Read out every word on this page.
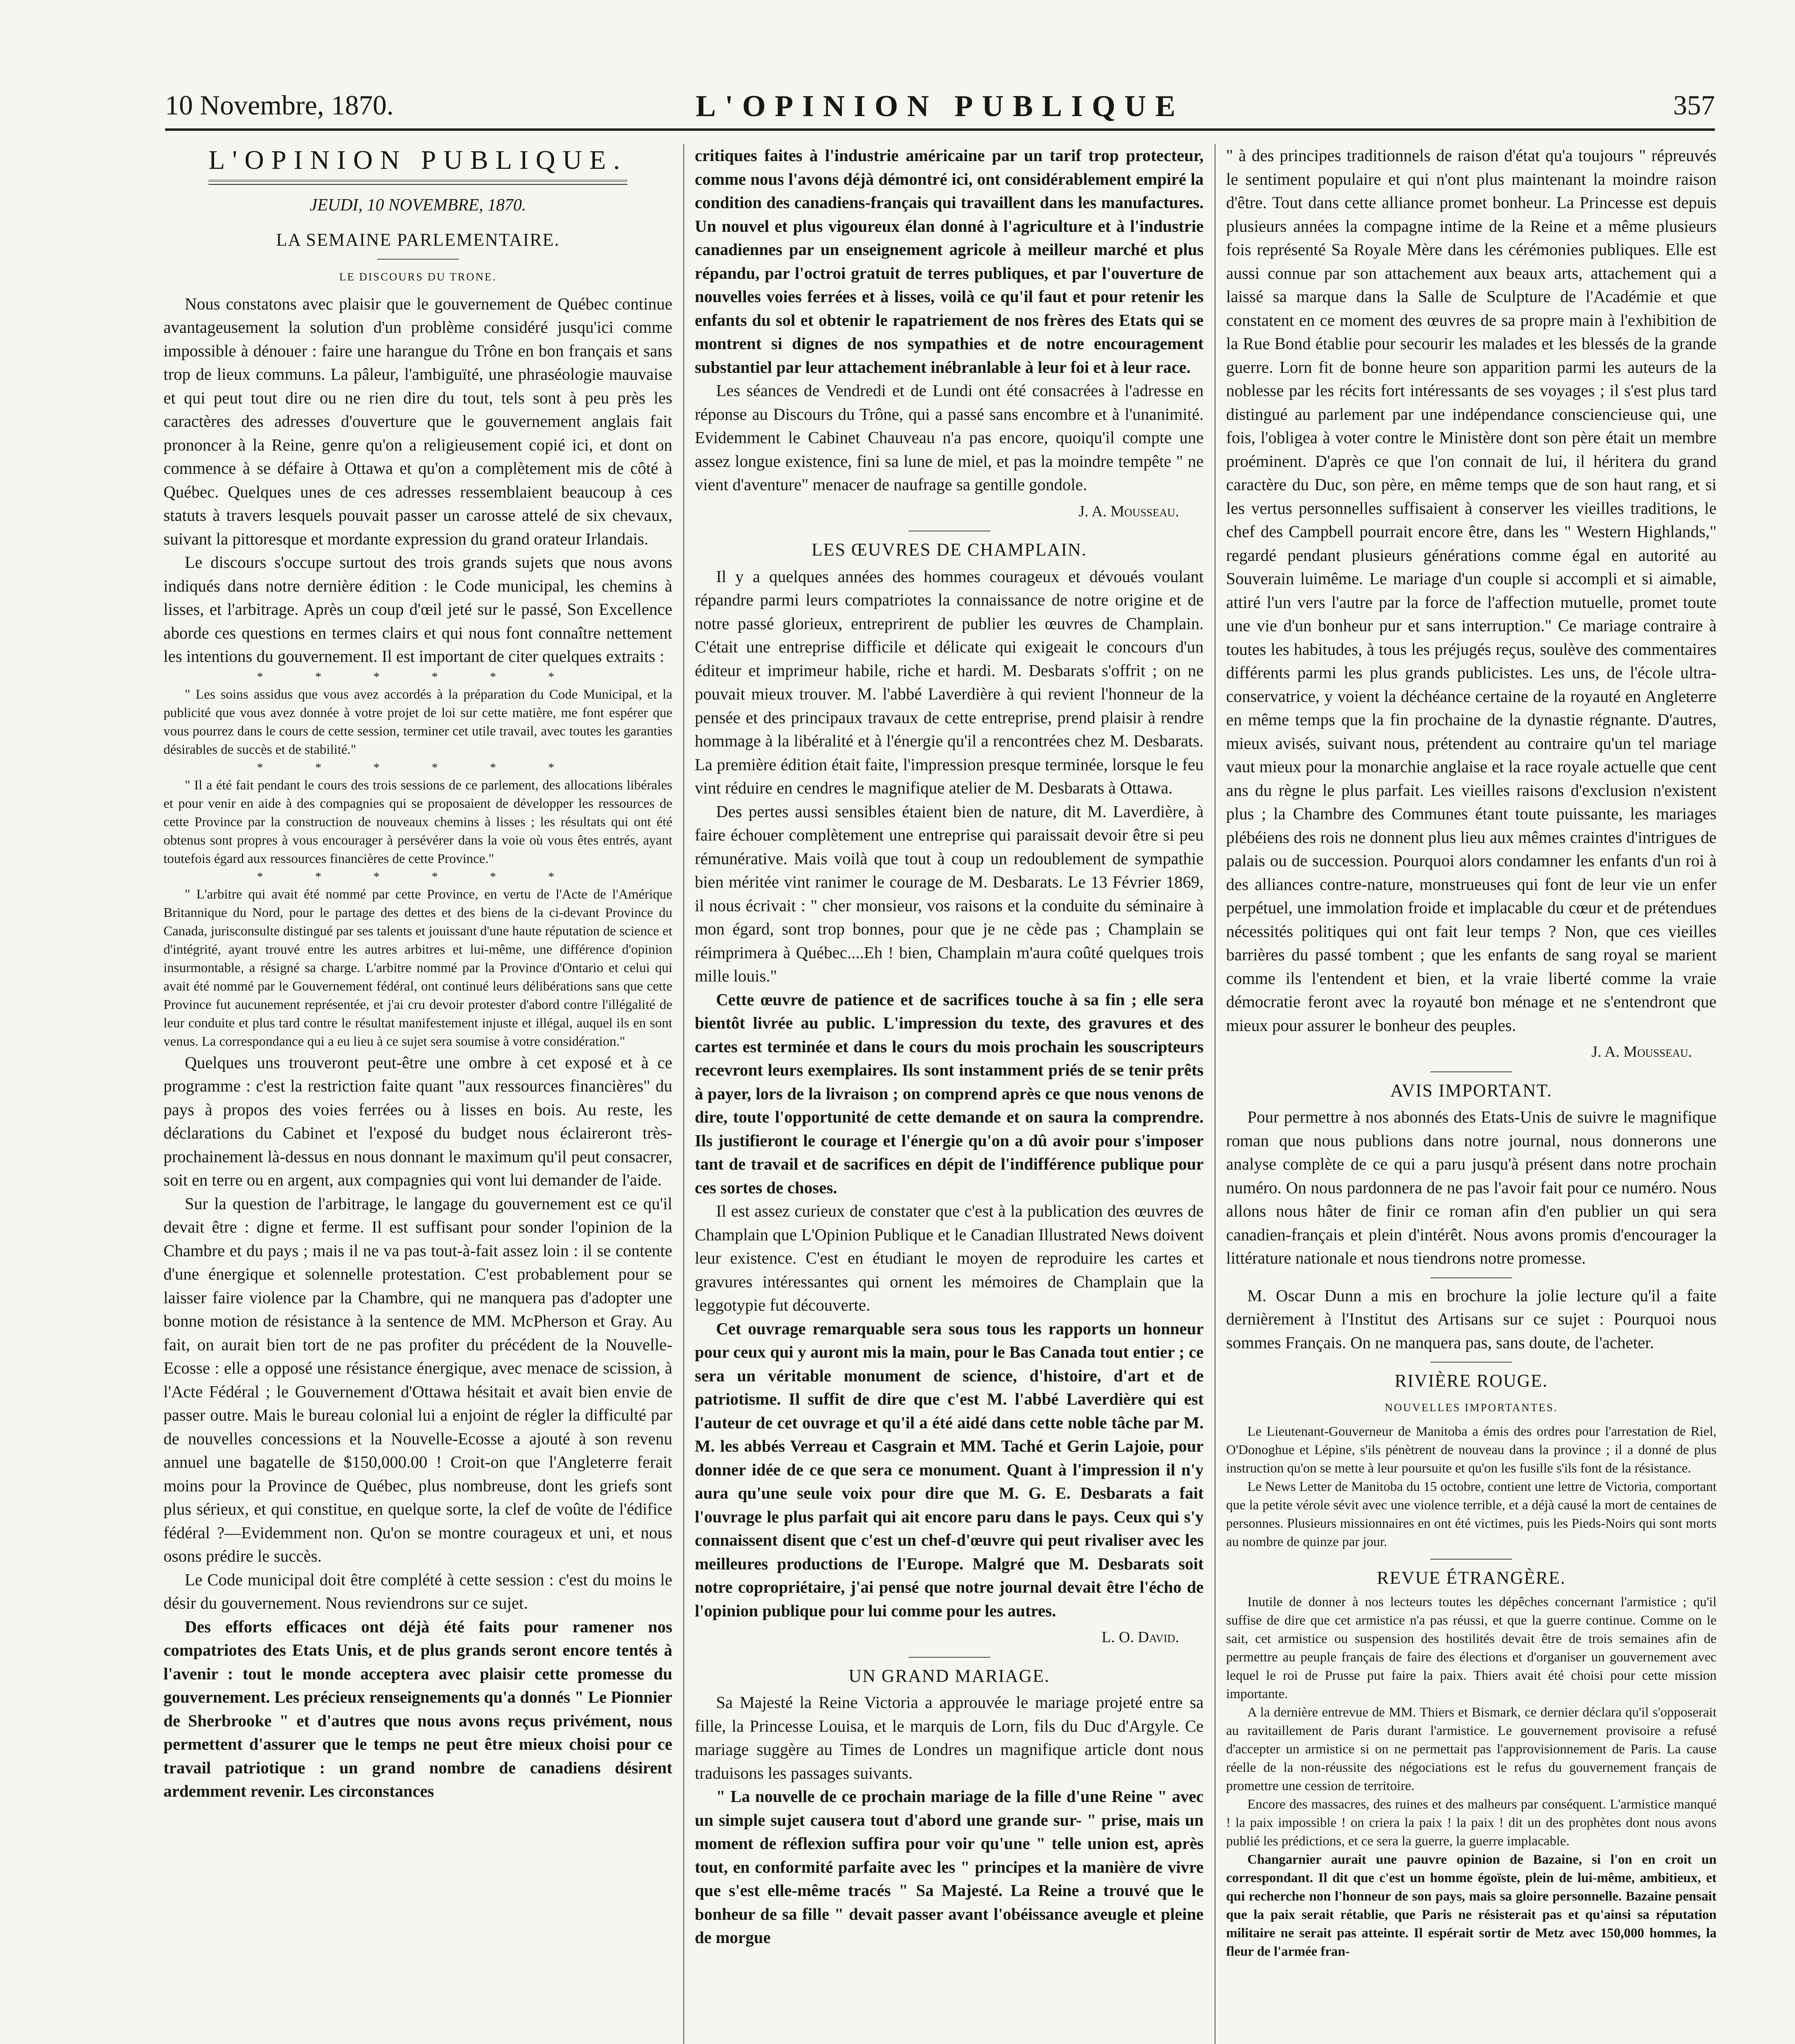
10 Novembre, 1870.	L'OPINION PUBLIQUE	357
L'OPINION PUBLIQUE.
JEUDI, 10 NOVEMBRE, 1870.
LA SEMAINE PARLEMENTAIRE.
LE DISCOURS DU TRONE.

Nous constatons avec plaisir que le gouvernement de Québec continue avantageusement la solution d'un problème considéré jusqu'ici comme impossible à dénouer : faire une harangue du Trône en bon français et sans trop de lieux communs. La pâleur, l'ambiguïté, une phraséologie mauvaise et qui peut tout dire ou ne rien dire du tout, tels sont à peu près les caractères des adresses d'ouverture que le gouvernement anglais fait prononcer à la Reine, genre qu'on a religieusement copié ici, et dont on commence à se défaire à Ottawa et qu'on a complètement mis de côté à Québec. Quelques unes de ces adresses ressemblaient beaucoup à ces statuts à travers lesquels pouvait passer un carosse attelé de six chevaux, suivant la pittoresque et mordante expression du grand orateur Irlandais.

Le discours s'occupe surtout des trois grands sujets que nous avons indiqués dans notre dernière édition : le Code municipal, les chemins à lisses, et l'arbitrage. Après un coup d'œil jeté sur le passé, Son Excellence aborde ces questions en termes clairs et qui nous font connaître nettement les intentions du gouvernement. Il est important de citer quelques extraits :

* * * * * *

" Les soins assidus que vous avez accordés à la préparation du Code Municipal, et la publicité que vous avez donnée à votre projet de loi sur cette matière, me font espérer que vous pourrez dans le cours de cette session, terminer cet utile travail, avec toutes les garanties désirables de succès et de stabilité."

* * * * * *

" Il a été fait pendant le cours des trois sessions de ce parlement, des allocations libérales et pour venir en aide à des compagnies qui se proposaient de développer les ressources de cette Province par la construction de nouveaux chemins à lisses ; les résultats qui ont été obtenus sont propres à vous encourager à persévérer dans la voie où vous êtes entrés, ayant toutefois égard aux ressources financières de cette Province."

* * * * * *

" L'arbitre qui avait été nommé par cette Province, en vertu de l'Acte de l'Amérique Britannique du Nord, pour le partage des dettes et des biens de la ci-devant Province du Canada, jurisconsulte distingué par ses talents et jouissant d'une haute réputation de science et d'intégrité, ayant trouvé entre les autres arbitres et lui-même, une différence d'opinion insurmontable, a résigné sa charge. L'arbitre nommé par la Province d'Ontario et celui qui avait été nommé par le Gouvernement fédéral, ont continué leurs délibérations sans que cette Province fut aucunement représentée, et j'ai cru devoir protester d'abord contre l'illégalité de leur conduite et plus tard contre le résultat manifestement injuste et illégal, auquel ils en sont venus. La correspondance qui a eu lieu à ce sujet sera soumise à votre considération."

Quelques uns trouveront peut-être une ombre à cet exposé et à ce programme : c'est la restriction faite quant "aux ressources financières" du pays à propos des voies ferrées ou à lisses en bois. Au reste, les déclarations du Cabinet et l'exposé du budget nous éclaireront très-prochainement là-dessus en nous donnant le maximum qu'il peut consacrer, soit en terre ou en argent, aux compagnies qui vont lui demander de l'aide.

Sur la question de l'arbitrage, le langage du gouvernement est ce qu'il devait être : digne et ferme. Il est suffisant pour sonder l'opinion de la Chambre et du pays ; mais il ne va pas tout-à-fait assez loin : il se contente d'une énergique et solennelle protestation. C'est probablement pour se laisser faire violence par la Chambre, qui ne manquera pas d'adopter une bonne motion de résistance à la sentence de MM. McPherson et Gray. Au fait, on aurait bien tort de ne pas profiter du précédent de la Nouvelle-Ecosse : elle a opposé une résistance énergique, avec menace de scission, à l'Acte Fédéral ; le Gouvernement d'Ottawa hésitait et avait bien envie de passer outre. Mais le bureau colonial lui a enjoint de régler la difficulté par de nouvelles concessions et la Nouvelle-Ecosse a ajouté à son revenu annuel une bagatelle de $150,000.00 ! Croit-on que l'Angleterre ferait moins pour la Province de Québec, plus nombreuse, dont les griefs sont plus sérieux, et qui constitue, en quelque sorte, la clef de voûte de l'édifice fédéral ?—Evidemment non. Qu'on se montre courageux et uni, et nous osons prédire le succès.

Le Code municipal doit être complété à cette session : c'est du moins le désir du gouvernement. Nous reviendrons sur ce sujet.

Des efforts efficaces ont déjà été faits pour ramener nos compatriotes des Etats Unis, et de plus grands seront encore tentés à l'avenir : tout le monde acceptera avec plaisir cette promesse du gouvernement. Les précieux renseignements qu'a donnés " Le Pionnier de Sherbrooke " et d'autres que nous avons reçus privément, nous permettent d'assurer que le temps ne peut être mieux choisi pour ce travail patriotique : un grand nombre de canadiens désirent ardemment revenir. Les circonstances

critiques faites à l'industrie américaine par un tarif trop protecteur, comme nous l'avons déjà démontré ici, ont considérablement empiré la condition des canadiens-français qui travaillent dans les manufactures. Un nouvel et plus vigoureux élan donné à l'agriculture et à l'industrie canadiennes par un enseignement agricole à meilleur marché et plus répandu, par l'octroi gratuit de terres publiques, et par l'ouverture de nouvelles voies ferrées et à lisses, voilà ce qu'il faut et pour retenir les enfants du sol et obtenir le rapatriement de nos frères des Etats qui se montrent si dignes de nos sympathies et de notre encouragement substantiel par leur attachement inébranlable à leur foi et à leur race.

Les séances de Vendredi et de Lundi ont été consacrées à l'adresse en réponse au Discours du Trône, qui a passé sans encombre et à l'unanimité. Evidemment le Cabinet Chauveau n'a pas encore, quoiqu'il compte une assez longue existence, fini sa lune de miel, et pas la moindre tempête " ne vient d'aventure" menacer de naufrage sa gentille gondole.

J. A. Mousseau.
LES ŒUVRES DE CHAMPLAIN.

Il y a quelques années des hommes courageux et dévoués voulant répandre parmi leurs compatriotes la connaissance de notre origine et de notre passé glorieux, entreprirent de publier les œuvres de Champlain. C'était une entreprise difficile et délicate qui exigeait le concours d'un éditeur et imprimeur habile, riche et hardi. M. Desbarats s'offrit ; on ne pouvait mieux trouver. M. l'abbé Laverdière à qui revient l'honneur de la pensée et des principaux travaux de cette entreprise, prend plaisir à rendre hommage à la libéralité et à l'énergie qu'il a rencontrées chez M. Desbarats. La première édition était faite, l'impression presque terminée, lorsque le feu vint réduire en cendres le magnifique atelier de M. Desbarats à Ottawa.

Des pertes aussi sensibles étaient bien de nature, dit M. Laverdière, à faire échouer complètement une entreprise qui paraissait devoir être si peu rémunérative. Mais voilà que tout à coup un redoublement de sympathie bien méritée vint ranimer le courage de M. Desbarats. Le 13 Février 1869, il nous écrivait : " cher monsieur, vos raisons et la conduite du séminaire à mon égard, sont trop bonnes, pour que je ne cède pas ; Champlain se réimprimera à Québec....Eh ! bien, Champlain m'aura coûté quelques trois mille louis."

Cette œuvre de patience et de sacrifices touche à sa fin ; elle sera bientôt livrée au public. L'impression du texte, des gravures et des cartes est terminée et dans le cours du mois prochain les souscripteurs recevront leurs exemplaires. Ils sont instamment priés de se tenir prêts à payer, lors de la livraison ; on comprend après ce que nous venons de dire, toute l'opportunité de cette demande et on saura la comprendre. Ils justifieront le courage et l'énergie qu'on a dû avoir pour s'imposer tant de travail et de sacrifices en dépit de l'indifférence publique pour ces sortes de choses.

Il est assez curieux de constater que c'est à la publication des œuvres de Champlain que L'Opinion Publique et le Canadian Illustrated News doivent leur existence. C'est en étudiant le moyen de reproduire les cartes et gravures intéressantes qui ornent les mémoires de Champlain que la leggotypie fut découverte.

Cet ouvrage remarquable sera sous tous les rapports un honneur pour ceux qui y auront mis la main, pour le Bas Canada tout entier ; ce sera un véritable monument de science, d'histoire, d'art et de patriotisme. Il suffit de dire que c'est M. l'abbé Laverdière qui est l'auteur de cet ouvrage et qu'il a été aidé dans cette noble tâche par M. M. les abbés Verreau et Casgrain et MM. Taché et Gerin Lajoie, pour donner idée de ce que sera ce monument. Quant à l'impression il n'y aura qu'une seule voix pour dire que M. G. E. Desbarats a fait l'ouvrage le plus parfait qui ait encore paru dans le pays. Ceux qui s'y connaissent disent que c'est un chef-d'œuvre qui peut rivaliser avec les meilleures productions de l'Europe. Malgré que M. Desbarats soit notre copropriétaire, j'ai pensé que notre journal devait être l'écho de l'opinion publique pour lui comme pour les autres.

L. O. David.
UN GRAND MARIAGE.

Sa Majesté la Reine Victoria a approuvée le mariage projeté entre sa fille, la Princesse Louisa, et le marquis de Lorn, fils du Duc d'Argyle. Ce mariage suggère au Times de Londres un magnifique article dont nous traduisons les passages suivants.

" La nouvelle de ce prochain mariage de la fille d'une Reine " avec un simple sujet causera tout d'abord une grande sur- " prise, mais un moment de réflexion suffira pour voir qu'une " telle union est, après tout, en conformité parfaite avec les " principes et la manière de vivre que s'est elle-même tracés " Sa Majesté. La Reine a trouvé que le bonheur de sa fille " devait passer avant l'obéissance aveugle et pleine de morgue

" à des principes traditionnels de raison d'état qu'a toujours " répreuvés le sentiment populaire et qui n'ont plus maintenant la moindre raison d'être. Tout dans cette alliance promet bonheur. La Princesse est depuis plusieurs années la compagne intime de la Reine et a même plusieurs fois représenté Sa Royale Mère dans les cérémonies publiques. Elle est aussi connue par son attachement aux beaux arts, attachement qui a laissé sa marque dans la Salle de Sculpture de l'Académie et que constatent en ce moment des œuvres de sa propre main à l'exhibition de la Rue Bond établie pour secourir les malades et les blessés de la grande guerre. Lorn fit de bonne heure son apparition parmi les auteurs de la noblesse par les récits fort intéressants de ses voyages ; il s'est plus tard distingué au parlement par une indépendance consciencieuse qui, une fois, l'obligea à voter contre le Ministère dont son père était un membre proéminent. D'après ce que l'on connait de lui, il héritera du grand caractère du Duc, son père, en même temps que de son haut rang, et si les vertus personnelles suffisaient à conserver les vieilles traditions, le chef des Campbell pourrait encore être, dans les " Western Highlands," regardé pendant plusieurs générations comme égal en autorité au Souverain luimême. Le mariage d'un couple si accompli et si aimable, attiré l'un vers l'autre par la force de l'affection mutuelle, promet toute une vie d'un bonheur pur et sans interruption." Ce mariage contraire à toutes les habitudes, à tous les préjugés reçus, soulève des commentaires différents parmi les plus grands publicistes. Les uns, de l'école ultra-conservatrice, y voient la déchéance certaine de la royauté en Angleterre en même temps que la fin prochaine de la dynastie régnante. D'autres, mieux avisés, suivant nous, prétendent au contraire qu'un tel mariage vaut mieux pour la monarchie anglaise et la race royale actuelle que cent ans du règne le plus parfait. Les vieilles raisons d'exclusion n'existent plus ; la Chambre des Communes étant toute puissante, les mariages plébéiens des rois ne donnent plus lieu aux mêmes craintes d'intrigues de palais ou de succession. Pourquoi alors condamner les enfants d'un roi à des alliances contre-nature, monstrueuses qui font de leur vie un enfer perpétuel, une immolation froide et implacable du cœur et de prétendues nécessités politiques qui ont fait leur temps ? Non, que ces vieilles barrières du passé tombent ; que les enfants de sang royal se marient comme ils l'entendent et bien, et la vraie liberté comme la vraie démocratie feront avec la royauté bon ménage et ne s'entendront que mieux pour assurer le bonheur des peuples.

J. A. Mousseau.
AVIS IMPORTANT.

Pour permettre à nos abonnés des Etats-Unis de suivre le magnifique roman que nous publions dans notre journal, nous donnerons une analyse complète de ce qui a paru jusqu'à présent dans notre prochain numéro. On nous pardonnera de ne pas l'avoir fait pour ce numéro. Nous allons nous hâter de finir ce roman afin d'en publier un qui sera canadien-français et plein d'intérêt. Nous avons promis d'encourager la littérature nationale et nous tiendrons notre promesse.

M. Oscar Dunn a mis en brochure la jolie lecture qu'il a faite dernièrement à l'Institut des Artisans sur ce sujet : Pourquoi nous sommes Français. On ne manquera pas, sans doute, de l'acheter.

RIVIÈRE ROUGE.
NOUVELLES IMPORTANTES.

Le Lieutenant-Gouverneur de Manitoba a émis des ordres pour l'arrestation de Riel, O'Donoghue et Lépine, s'ils pénètrent de nouveau dans la province ; il a donné de plus instruction qu'on se mette à leur poursuite et qu'on les fusille s'ils font de la résistance.

Le News Letter de Manitoba du 15 octobre, contient une lettre de Victoria, comportant que la petite vérole sévit avec une violence terrible, et a déjà causé la mort de centaines de personnes. Plusieurs missionnaires en ont été victimes, puis les Pieds-Noirs qui sont morts au nombre de quinze par jour.

REVUE ÉTRANGÈRE.

Inutile de donner à nos lecteurs toutes les dépêches concernant l'armistice ; qu'il suffise de dire que cet armistice n'a pas réussi, et que la guerre continue. Comme on le sait, cet armistice ou suspension des hostilités devait être de trois semaines afin de permettre au peuple français de faire des élections et d'organiser un gouvernement avec lequel le roi de Prusse put faire la paix. Thiers avait été choisi pour cette mission importante.

A la dernière entrevue de MM. Thiers et Bismark, ce dernier déclara qu'il s'opposerait au ravitaillement de Paris durant l'armistice. Le gouvernement provisoire a refusé d'accepter un armistice si on ne permettait pas l'approvisionnement de Paris. La cause réelle de la non-réussite des négociations est le refus du gouvernement français de promettre une cession de territoire.

Encore des massacres, des ruines et des malheurs par conséquent. L'armistice manqué ! la paix impossible ! on criera la paix ! la paix ! dit un des prophètes dont nous avons publié les prédictions, et ce sera la guerre, la guerre implacable.

Changarnier aurait une pauvre opinion de Bazaine, si l'on en croit un correspondant. Il dit que c'est un homme égoïste, plein de lui-même, ambitieux, et qui recherche non l'honneur de son pays, mais sa gloire personnelle. Bazaine pensait que la paix serait rétablie, que Paris ne résisterait pas et qu'ainsi sa réputation militaire ne serait pas atteinte. Il espérait sortir de Metz avec 150,000 hommes, la fleur de l'armée fran-
